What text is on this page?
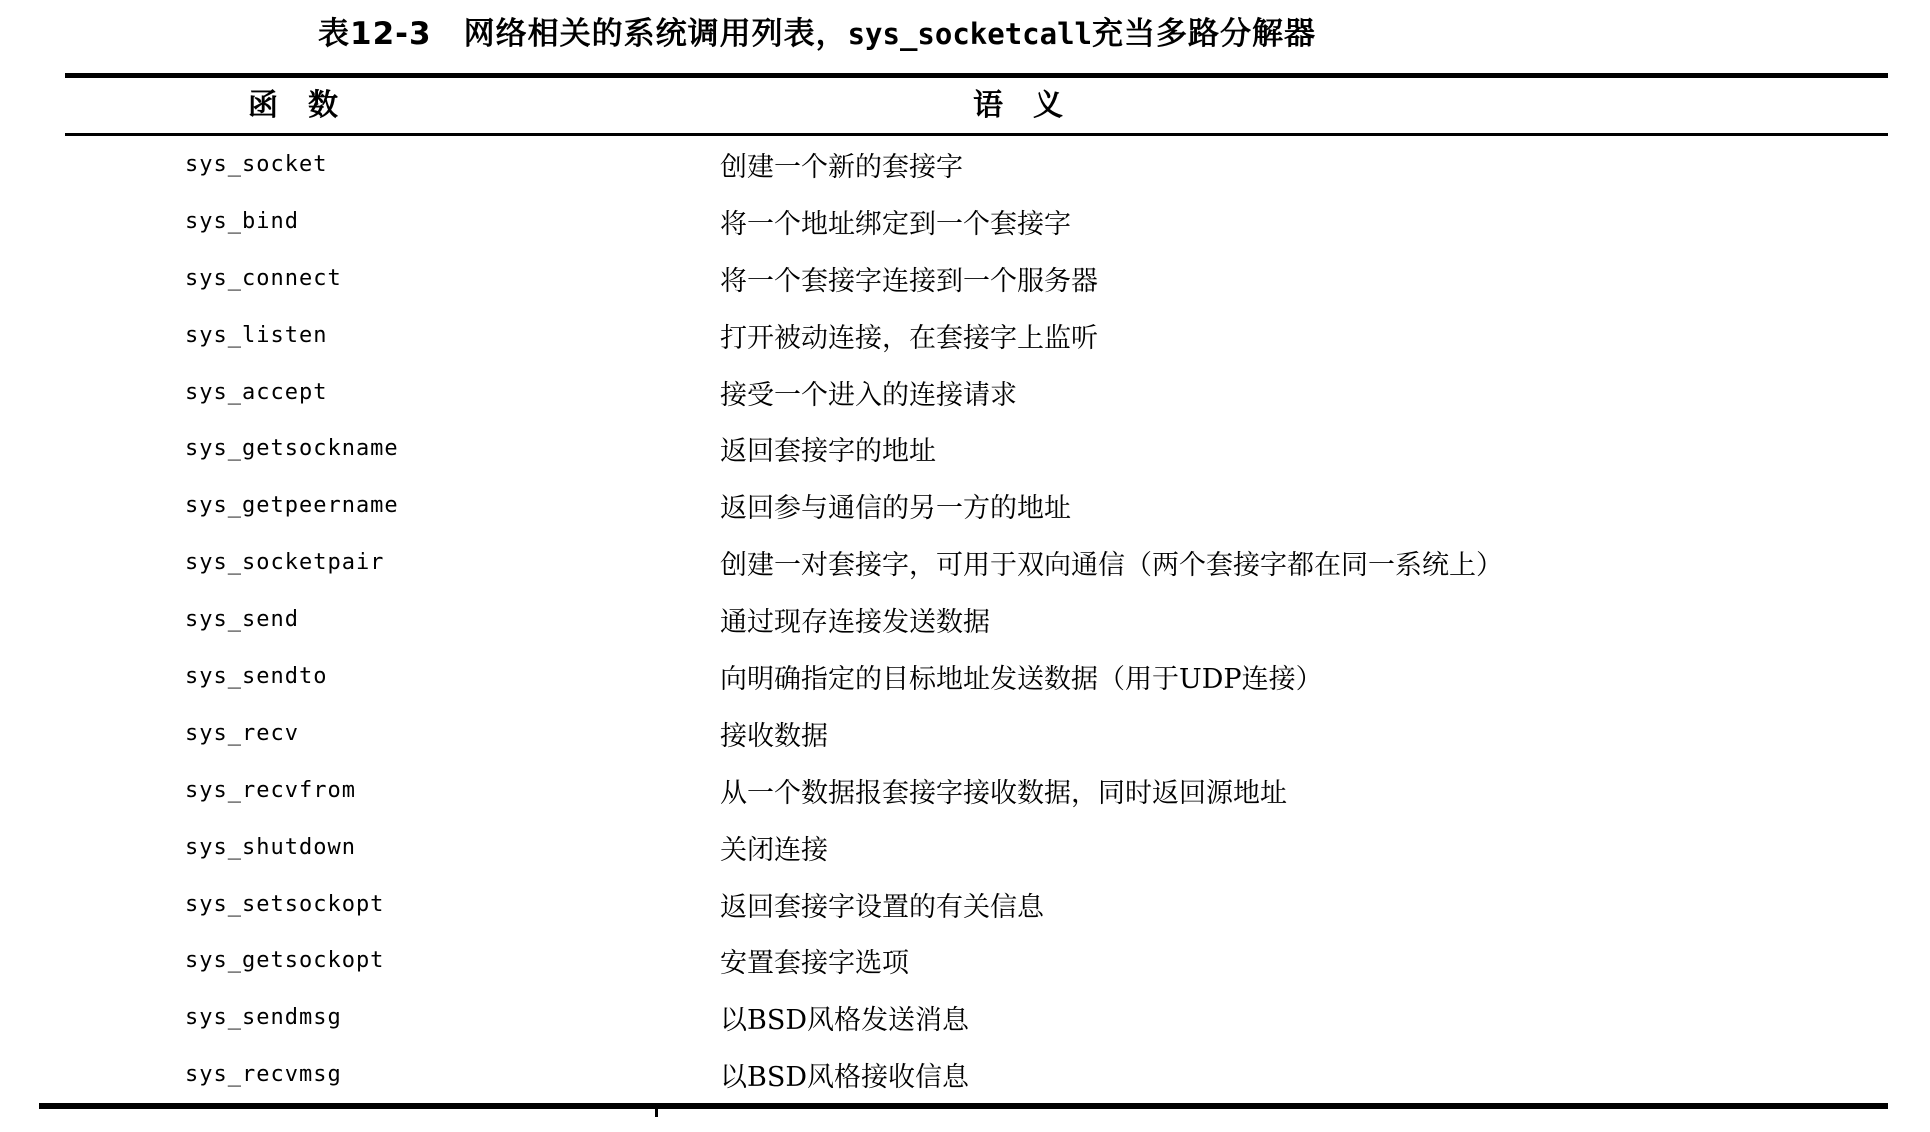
表12-3　网络相关的系统调用列表，sys_socketcall充当多路分解器
函　数	语　义
sys_socket	创建一个新的套接字
sys_bind	将一个地址绑定到一个套接字
sys_connect	将一个套接字连接到一个服务器
sys_listen	打开被动连接，在套接字上监听
sys_accept	接受一个进入的连接请求
sys_getsockname	返回套接字的地址
sys_getpeername	返回参与通信的另一方的地址
sys_socketpair	创建一对套接字，可用于双向通信（两个套接字都在同一系统上）
sys_send	通过现存连接发送数据
sys_sendto	向明确指定的目标地址发送数据（用于UDP连接）
sys_recv	接收数据
sys_recvfrom	从一个数据报套接字接收数据，同时返回源地址
sys_shutdown	关闭连接
sys_setsockopt	返回套接字设置的有关信息
sys_getsockopt	安置套接字选项
sys_sendmsg	以BSD风格发送消息
sys_recvmsg	以BSD风格接收信息
